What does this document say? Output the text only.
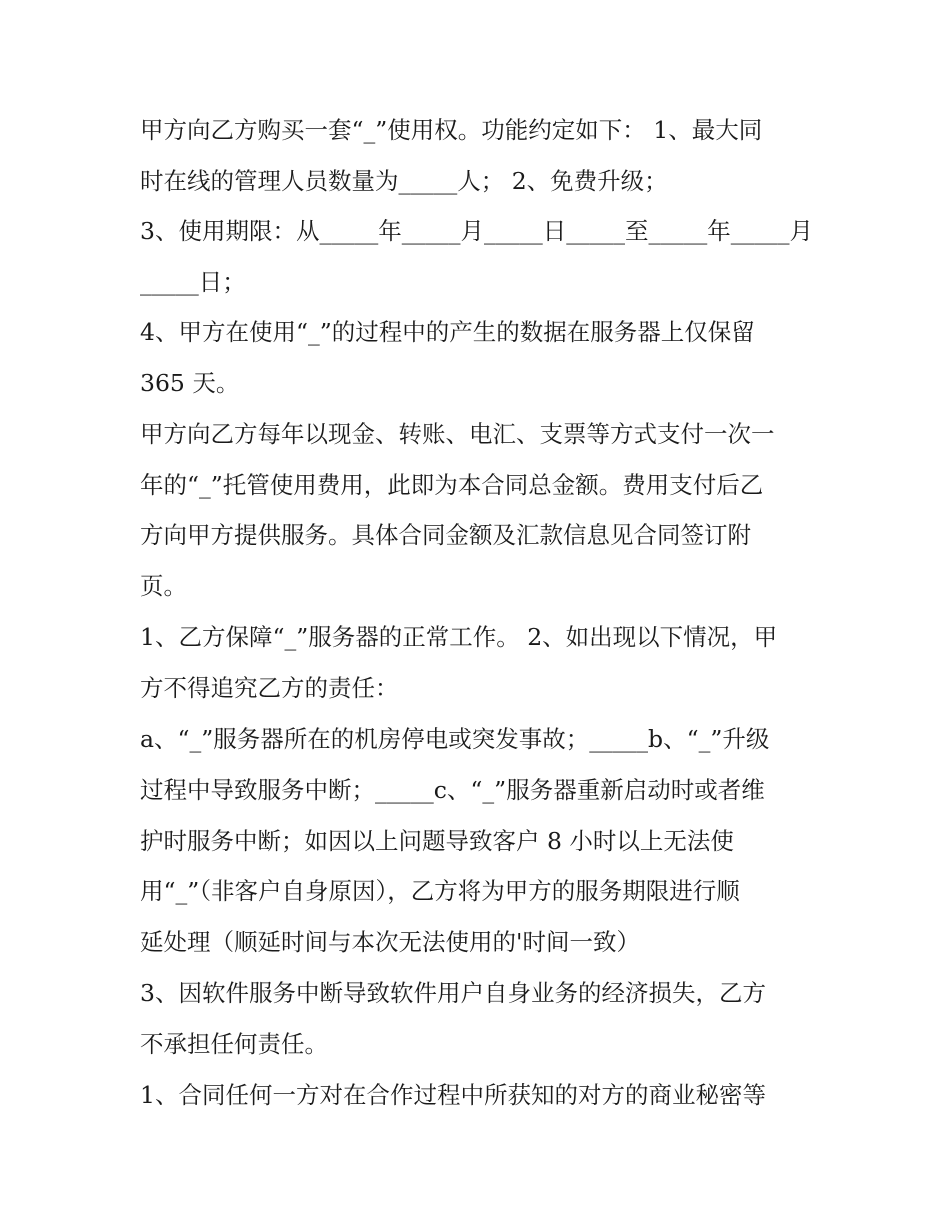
甲方向乙方购买一套“_”使用权。功能约定如下： 1、最大同

时在线的管理人员数量为_____人； 2、免费升级；

3、使用期限：从_____年_____月_____日_____至_____年_____月

_____日；

4、甲方在使用“_”的过程中的产生的数据在服务器上仅保留

365 天。

甲方向乙方每年以现金、转账、电汇、支票等方式支付一次一

年的“_”托管使用费用，此即为本合同总金额。费用支付后乙

方向甲方提供服务。具体合同金额及汇款信息见合同签订附

页。

1、乙方保障“_”服务器的正常工作。 2、如出现以下情况，甲

方不得追究乙方的责任：

a、“_”服务器所在的机房停电或突发事故；_____b、“_”升级

过程中导致服务中断；_____c、“_”服务器重新启动时或者维

护时服务中断；如因以上问题导致客户 8 小时以上无法使

用“_”（非客户自身原因），乙方将为甲方的服务期限进行顺

延处理（顺延时间与本次无法使用的'时间一致）

3、因软件服务中断导致软件用户自身业务的经济损失，乙方

不承担任何责任。

1、合同任何一方对在合作过程中所获知的对方的商业秘密等
